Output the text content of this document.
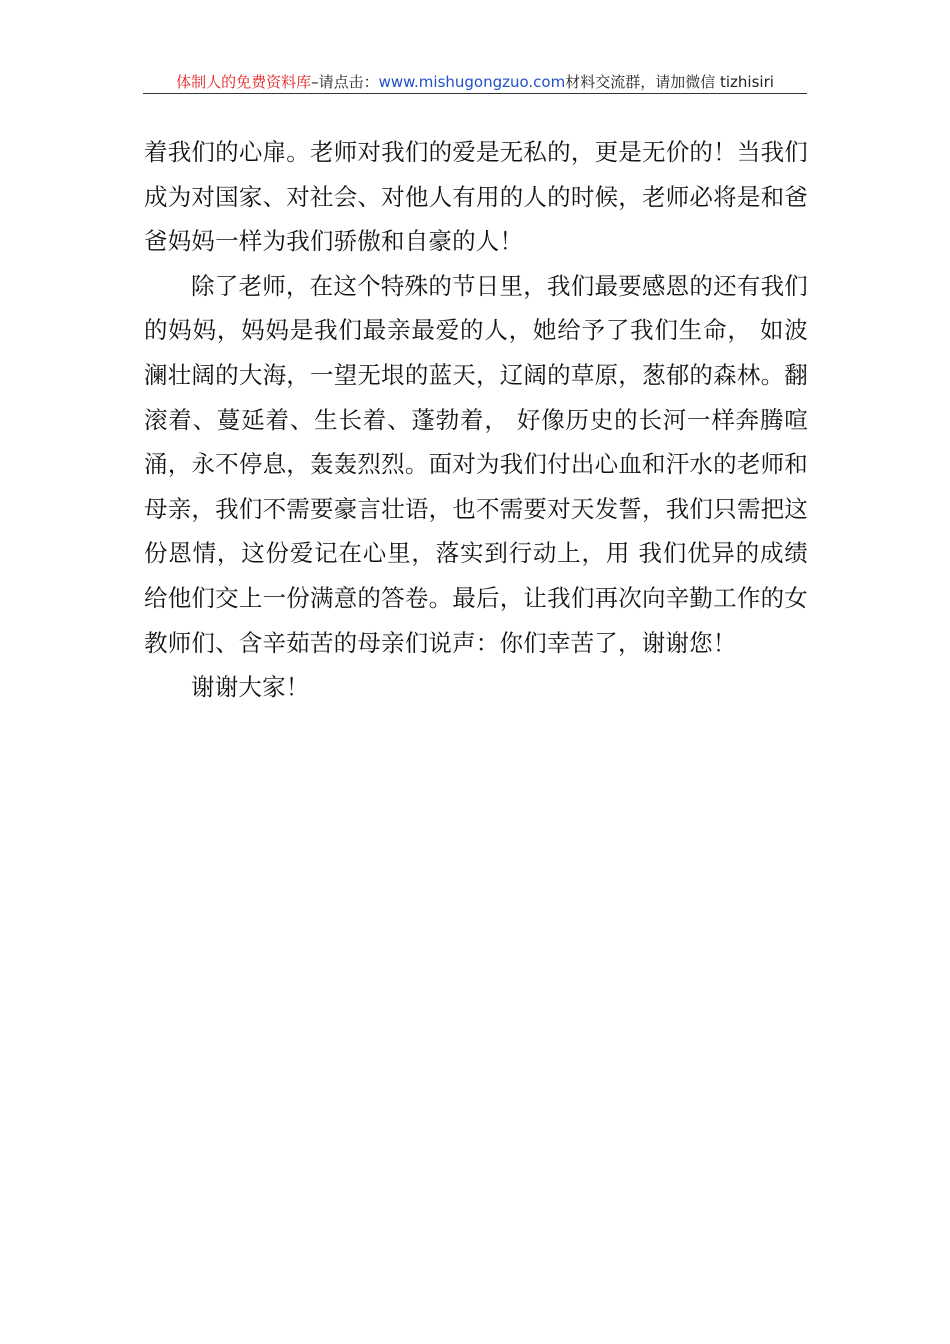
体制人的免费资料库 –请点击： www.mishugongzuo.com 材料交流群，请加微信 tizhisiri

着我们的心扉。老师对我们的爱是无私的，更是无价的！当我们成为对国家、对社会、对他人有用的人的时候，老师必将是和爸爸妈妈一样为我们骄傲和自豪的人！

除了老师，在这个特殊的节日里，我们最要感恩的还有我们的妈妈，妈妈是我们最亲最爱的人，她给予了我们生命， 如波澜壮阔的大海，一望无垠的蓝天，辽阔的草原，葱郁的森林。翻滚着、蔓延着、生长着、蓬勃着， 好像历史的长河一样奔腾喧涌，永不停息，轰轰烈烈。面对为我们付出心血和汗水的老师和母亲，我们不需要豪言壮语，也不需要对天发誓，我们只需把这份恩情，这份爱记在心里，落实到行动上，用 我们优异的成绩给他们交上一份满意的答卷。最后，让我们再次向辛勤工作的女教师们、含辛茹苦的母亲们说声：你们幸苦了，谢谢您！

谢谢大家！
